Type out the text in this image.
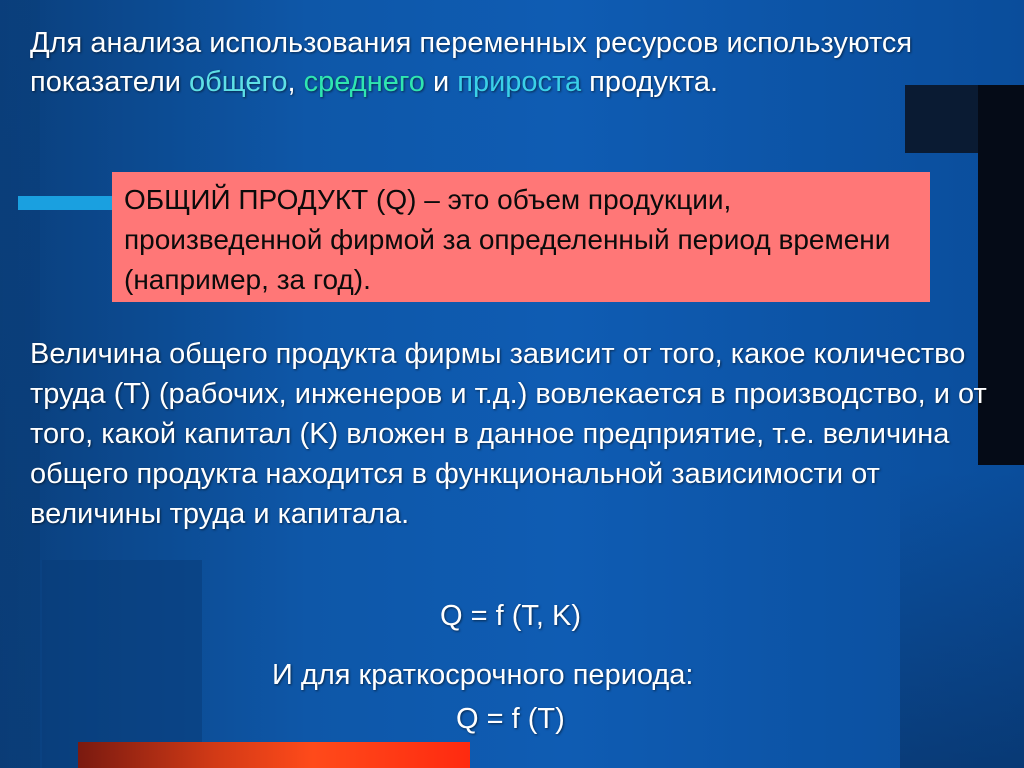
Для анализа использования переменных ресурсов используются показатели общего, среднего и прироста продукта.
ОБЩИЙ ПРОДУКТ (Q) – это объем продукции, произведенной фирмой за определенный период времени (например, за год).
Величина общего продукта фирмы зависит от того, какое количество труда (T) (рабочих, инженеров и т.д.) вовлекается в производство, и от того, какой капитал (K) вложен в данное предприятие, т.е. величина общего продукта находится в функциональной зависимости от величины труда и капитала.
Q = f (T, K)
И для краткосрочного периода:
Q = f (T)
